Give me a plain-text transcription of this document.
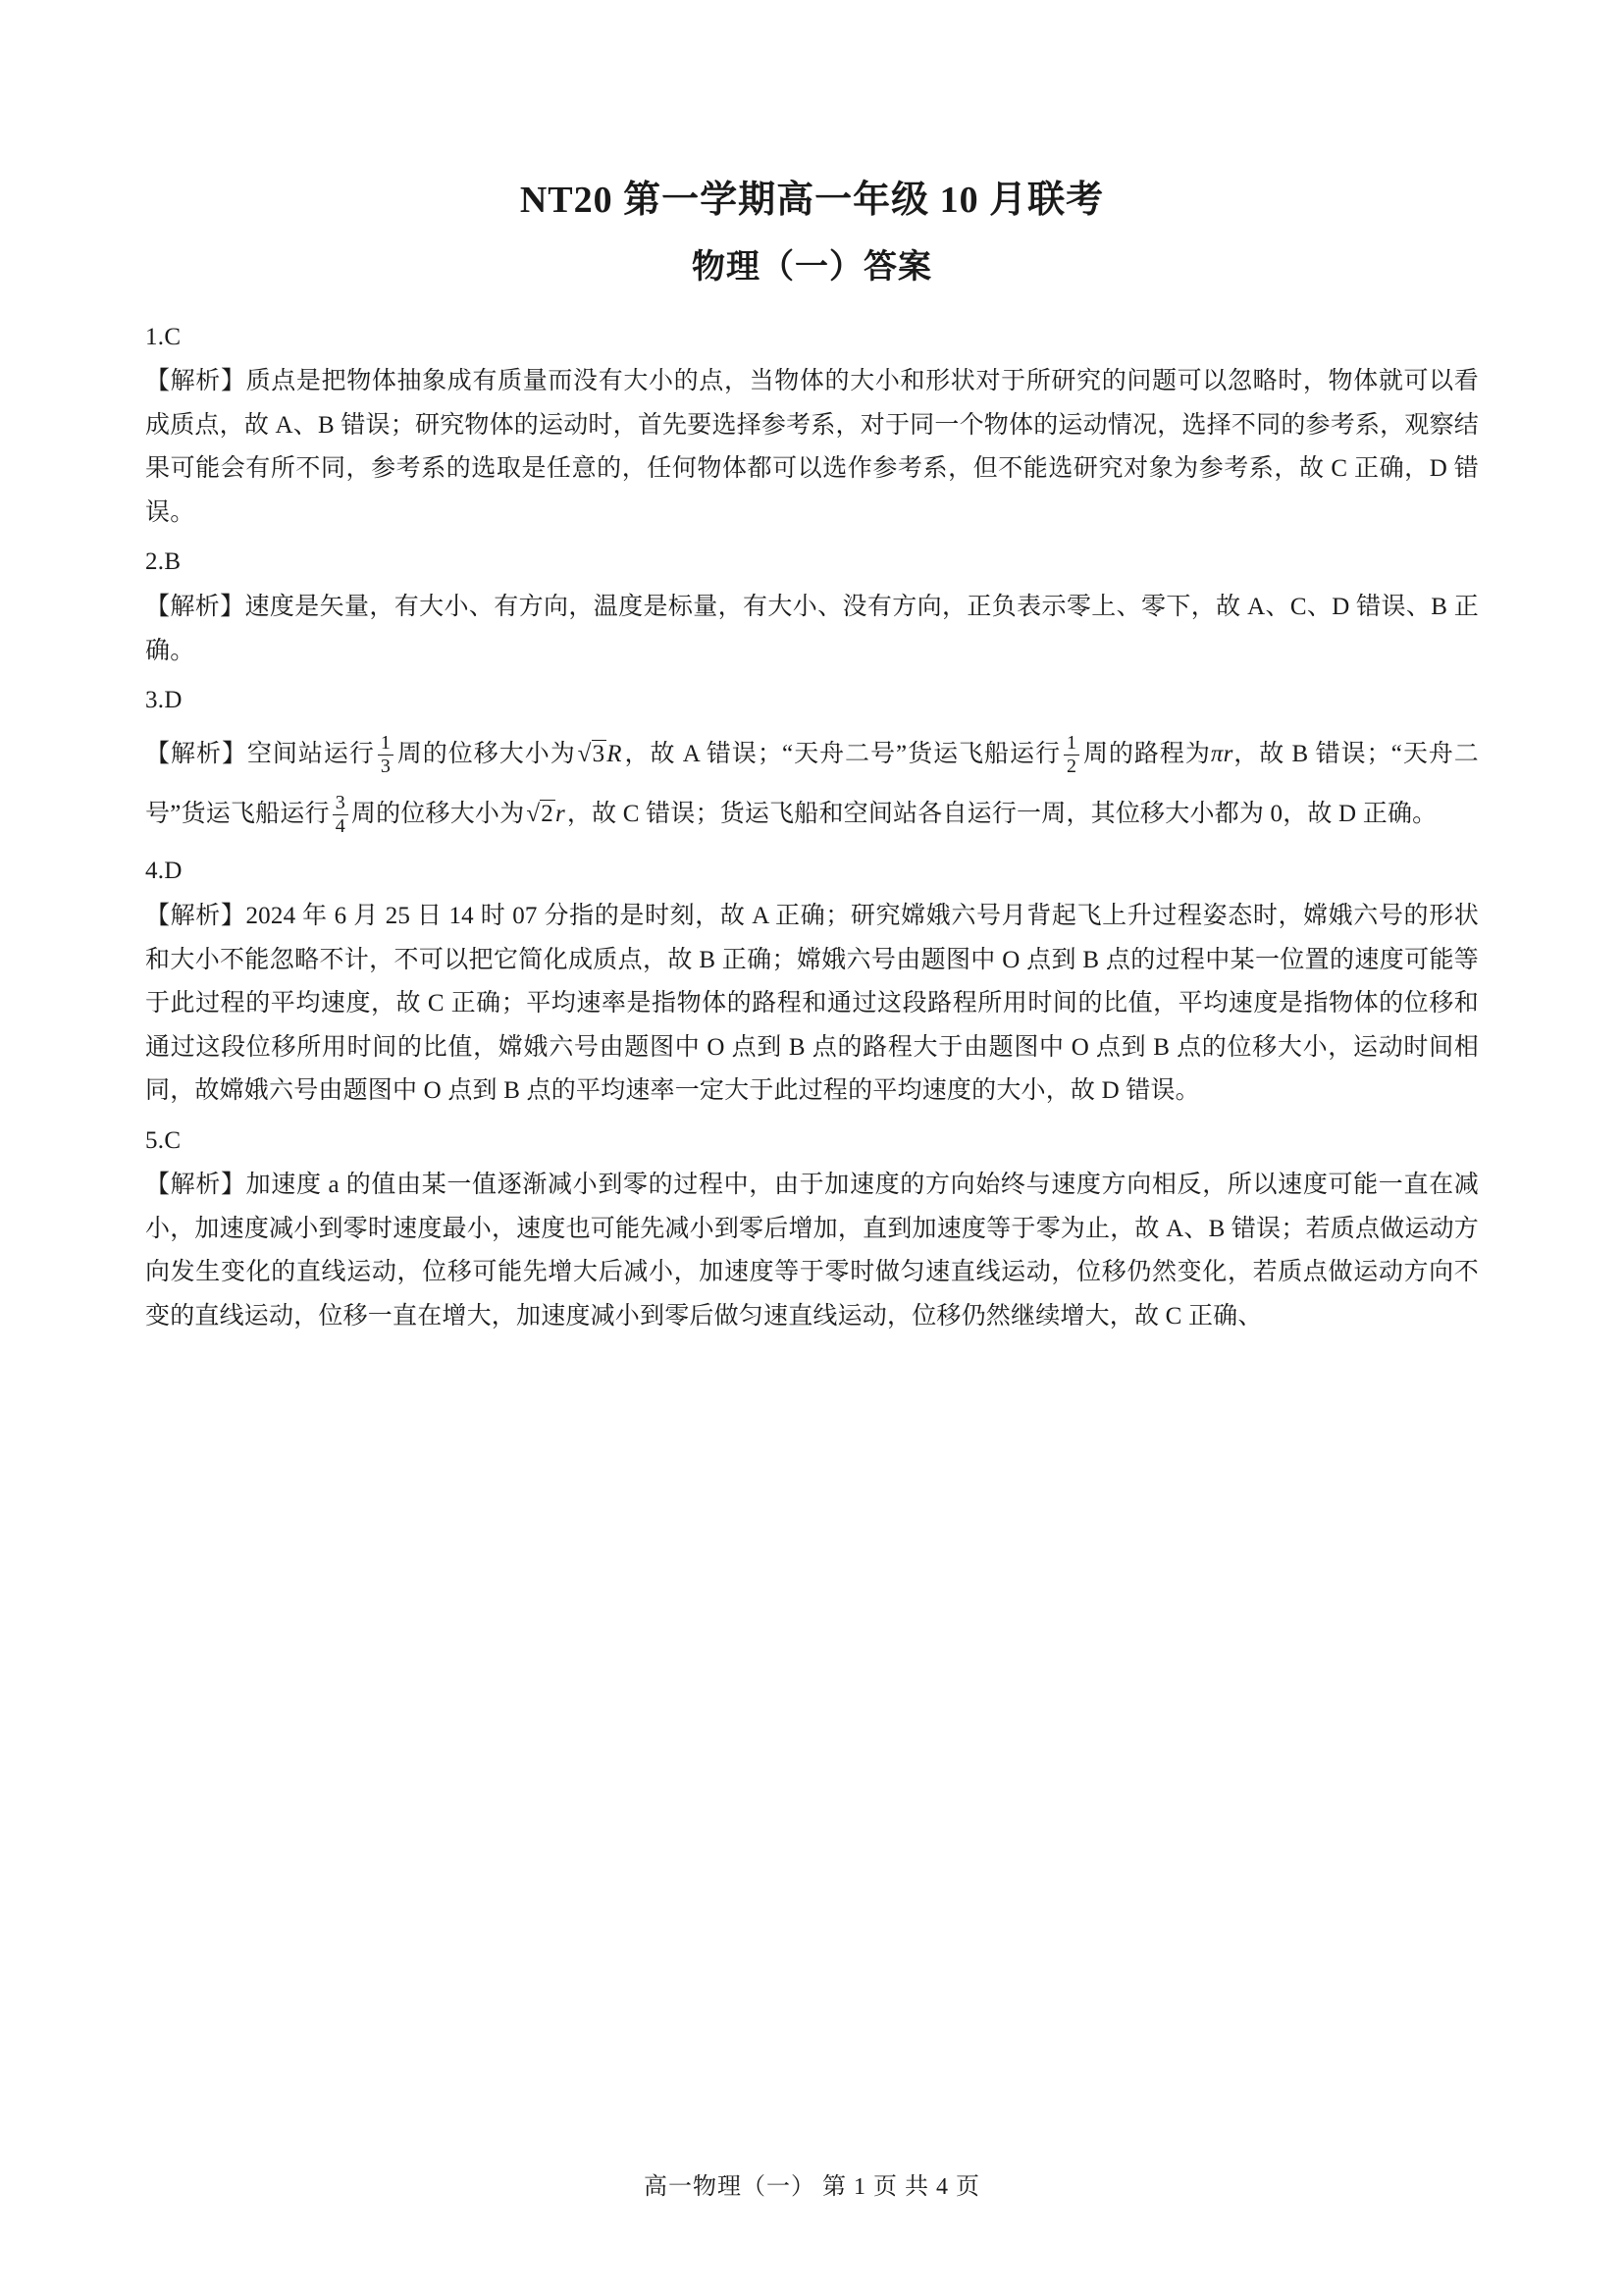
NT20 第一学期高一年级 10 月联考
物理（一）答案
1.C

【解析】质点是把物体抽象成有质量而没有大小的点，当物体的大小和形状对于所研究的问题可以忽略时，物体就可以看成质点，故 A、B 错误；研究物体的运动时，首先要选择参考系，对于同一个物体的运动情况，选择不同的参考系，观察结果可能会有所不同，参考系的选取是任意的，任何物体都可以选作参考系，但不能选研究对象为参考系，故 C 正确，D 错误。

2.B

【解析】速度是矢量，有大小、有方向，温度是标量，有大小、没有方向，正负表示零上、零下，故 A、C、D 错误、B 正确。

3.D

【解析】空间站运行 $\frac{1}{3}$ 周的位移大小为√3R，故 A 错误；“天舟二号”货运飞船运行 $\frac{1}{2}$ 周的路程为πr，故 B 错误；“天舟二号”货运飞船运行 $\frac{3}{4}$ 周的位移大小为√2r，故 C 错误；货运飞船和空间站各自运行一周，其位移大小都为 0，故 D 正确。

4.D

【解析】2024 年 6 月 25 日 14 时 07 分指的是时刻，故 A 正确；研究嫦娥六号月背起飞上升过程姿态时，嫦娥六号的形状和大小不能忽略不计，不可以把它简化成质点，故 B 正确；嫦娥六号由题图中 O 点到 B 点的过程中某一位置的速度可能等于此过程的平均速度，故 C 正确；平均速率是指物体的路程和通过这段路程所用时间的比值，平均速度是指物体的位移和通过这段位移所用时间的比值，嫦娥六号由题图中 O 点到 B 点的路程大于由题图中 O 点到 B 点的位移大小，运动时间相同，故嫦娥六号由题图中 O 点到 B 点的平均速率一定大于此过程的平均速度的大小，故 D 错误。

5.C

【解析】加速度 a 的值由某一值逐渐减小到零的过程中，由于加速度的方向始终与速度方向相反，所以速度可能一直在减小，加速度减小到零时速度最小，速度也可能先减小到零后增加，直到加速度等于零为止，故 A、B 错误；若质点做运动方向发生变化的直线运动，位移可能先增大后减小，加速度等于零时做匀速直线运动，位移仍然变化，若质点做运动方向不变的直线运动，位移一直在增大，加速度减小到零后做匀速直线运动，位移仍然继续增大，故 C 正确、

高一物理（一） 第 1 页 共 4 页
